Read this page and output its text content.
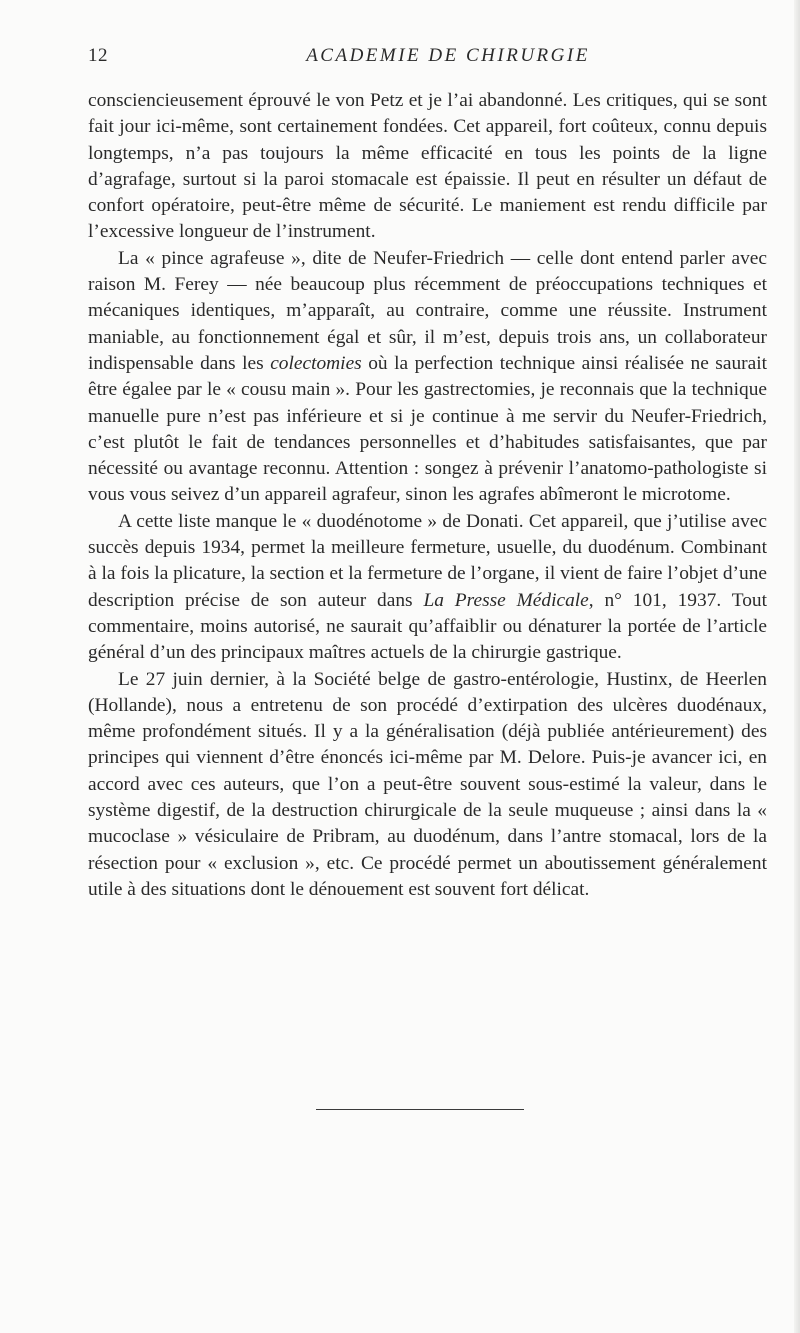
12	ACADEMIE DE CHIRURGIE

consciencieusement éprouvé le von Petz et je l’ai abandonné. Les critiques, qui se sont fait jour ici-même, sont certainement fondées. Cet appareil, fort coûteux, connu depuis longtemps, n’a pas toujours la même efficacité en tous les points de la ligne d’agrafage, surtout si la paroi stomacale est épaissie. Il peut en résulter un défaut de confort opératoire, peut-être même de sécurité. Le maniement est rendu difficile par l’excessive longueur de l’instrument.

La « pince agrafeuse », dite de Neufer-Friedrich — celle dont entend parler avec raison M. Ferey — née beaucoup plus récemment de préoccupations techniques et mécaniques identiques, m’apparaît, au contraire, comme une réussite. Instrument maniable, au fonctionnement égal et sûr, il m’est, depuis trois ans, un collaborateur indispensable dans les colectomies où la perfection technique ainsi réalisée ne saurait être égalee par le « cousu main ». Pour les gastrectomies, je reconnais que la technique manuelle pure n’est pas inférieure et si je continue à me servir du Neufer-Friedrich, c’est plutôt le fait de tendances personnelles et d’habitudes satisfaisantes, que par nécessité ou avantage reconnu. Attention : songez à prévenir l’anatomo-pathologiste si vous vous seivez d’un appareil agrafeur, sinon les agrafes abîmeront le microtome.

A cette liste manque le « duodénotome » de Donati. Cet appareil, que j’utilise avec succès depuis 1934, permet la meilleure fermeture, usuelle, du duodénum. Combinant à la fois la plicature, la section et la fermeture de l’organe, il vient de faire l’objet d’une description précise de son auteur dans La Presse Médicale, n° 101, 1937. Tout commentaire, moins autorisé, ne saurait qu’affaiblir ou dénaturer la portée de l’article général d’un des principaux maîtres actuels de la chirurgie gastrique.

Le 27 juin dernier, à la Société belge de gastro-entérologie, Hustinx, de Heerlen (Hollande), nous a entretenu de son procédé d’extirpation des ulcères duodénaux, même profondément situés. Il y a la généralisation (déjà publiée antérieurement) des principes qui viennent d’être énoncés ici-même par M. Delore. Puis-je avancer ici, en accord avec ces auteurs, que l’on a peut-être souvent sous-estimé la valeur, dans le système digestif, de la destruction chirurgicale de la seule muqueuse ; ainsi dans la « mucoclase » vésiculaire de Pribram, au duodénum, dans l’antre stomacal, lors de la résection pour « exclusion », etc. Ce procédé permet un aboutissement généralement utile à des situations dont le dénouement est souvent fort délicat.
